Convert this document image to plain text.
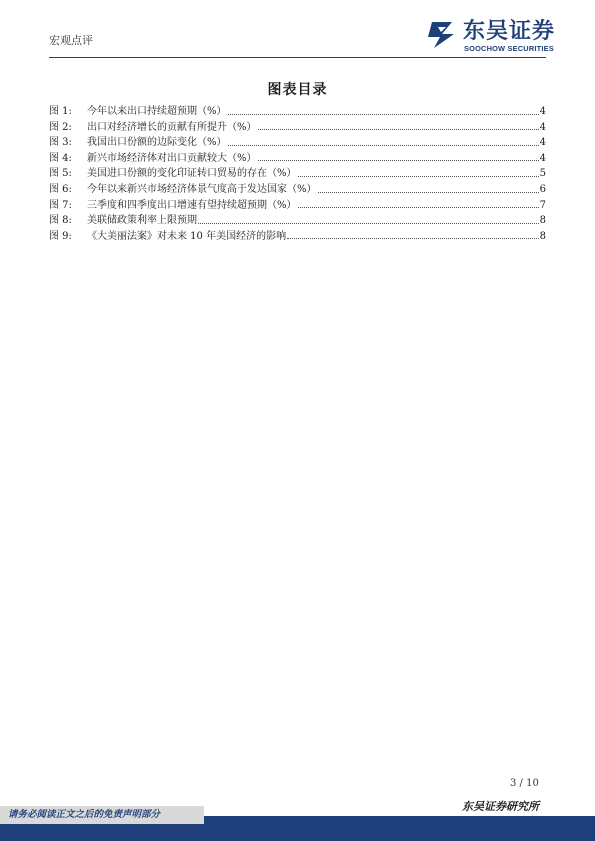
宏观点评	东吴证券
SOOCHOW SECURITIES
图表目录
图 1:	今年以来出口持续超预期（%）	4
图 2:	出口对经济增长的贡献有所提升（%）	4
图 3:	我国出口份额的边际变化（%）	4
图 4:	新兴市场经济体对出口贡献较大（%）	4
图 5:	美国进口份额的变化印证转口贸易的存在（%）	5
图 6:	今年以来新兴市场经济体景气度高于发达国家（%）	6
图 7:	三季度和四季度出口增速有望持续超预期（%）	7
图 8:	美联储政策利率上限预期	8
图 9:	《大美丽法案》对未来 10 年美国经济的影响	8
3 / 10
东吴证券研究所
请务必阅读正文之后的免责声明部分
